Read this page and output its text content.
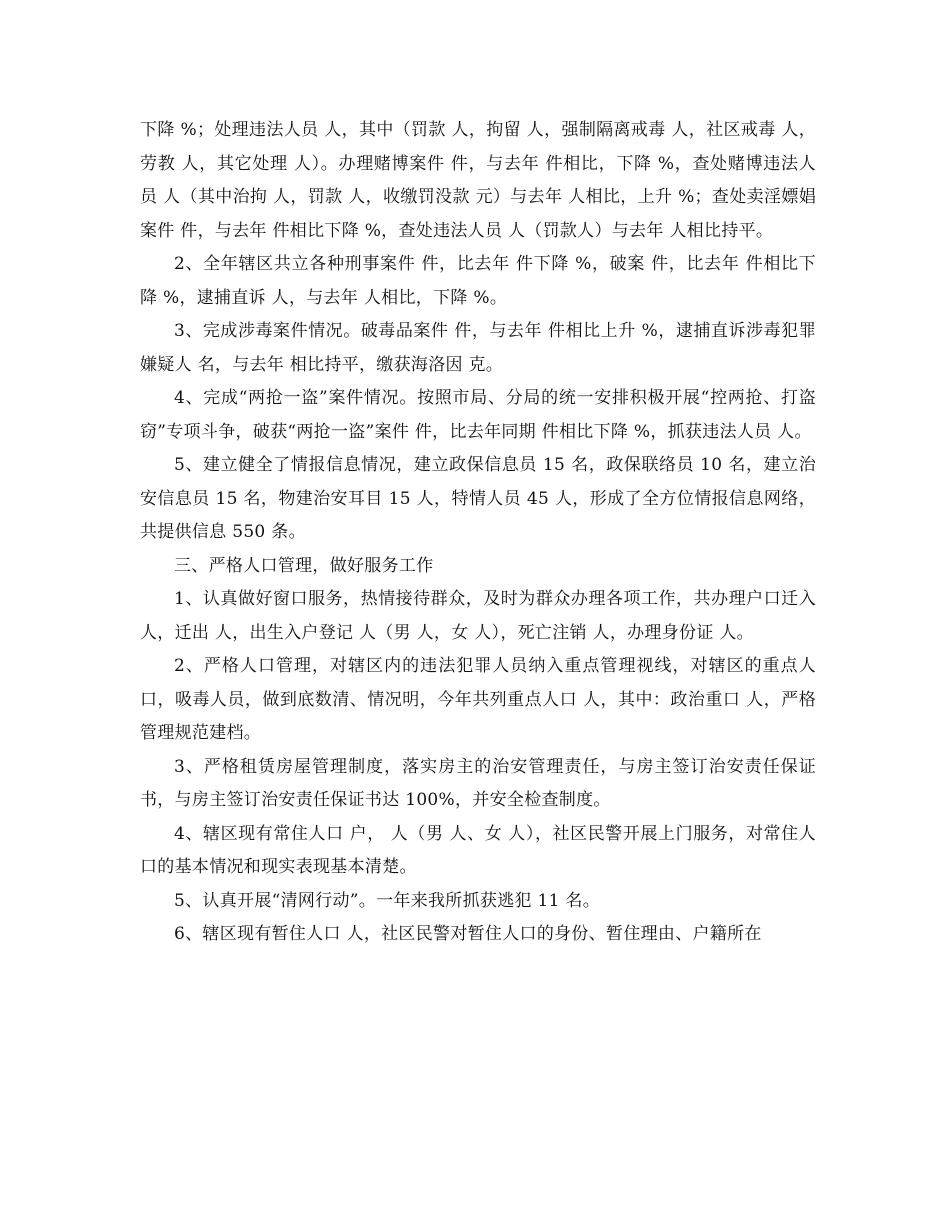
下降 %；处理违法人员 人，其中（罚款 人，拘留 人，强制隔离戒毒 人，社区戒毒 人，劳教 人，其它处理 人）。办理赌博案件 件，与去年 件相比，下降 %，查处赌博违法人员 人（其中治拘 人，罚款 人，收缴罚没款 元）与去年 人相比，上升 %；查处卖淫嫖娼案件 件，与去年 件相比下降 %，查处违法人员 人（罚款人）与去年 人相比持平。

2、全年辖区共立各种刑事案件 件，比去年 件下降 %，破案 件，比去年 件相比下降 %，逮捕直诉 人，与去年 人相比，下降 %。

3、完成涉毒案件情况。破毒品案件 件，与去年 件相比上升 %，逮捕直诉涉毒犯罪嫌疑人 名，与去年 相比持平，缴获海洛因 克。

4、完成“两抢一盗”案件情况。按照市局、分局的统一安排积极开展“控两抢、打盗窃”专项斗争，破获“两抢一盗”案件 件，比去年同期 件相比下降 %，抓获违法人员 人。

5、建立健全了情报信息情况，建立政保信息员 15 名，政保联络员 10 名，建立治安信息员 15 名，物建治安耳目 15 人，特情人员 45 人，形成了全方位情报信息网络，共提供信息 550 条。

三、严格人口管理，做好服务工作

1、认真做好窗口服务，热情接待群众，及时为群众办理各项工作，共办理户口迁入 人，迁出 人，出生入户登记 人（男 人，女 人），死亡注销 人，办理身份证 人。

2、严格人口管理，对辖区内的违法犯罪人员纳入重点管理视线，对辖区的重点人口，吸毒人员，做到底数清、情况明，今年共列重点人口 人，其中：政治重口 人，严格管理规范建档。

3、严格租赁房屋管理制度，落实房主的治安管理责任，与房主签订治安责任保证书，与房主签订治安责任保证书达 100%，并安全检查制度。

4、辖区现有常住人口 户， 人（男 人、女 人），社区民警开展上门服务，对常住人口的基本情况和现实表现基本清楚。

5、认真开展“清网行动”。一年来我所抓获逃犯 11 名。

6、辖区现有暂住人口 人，社区民警对暂住人口的身份、暂住理由、户籍所在
